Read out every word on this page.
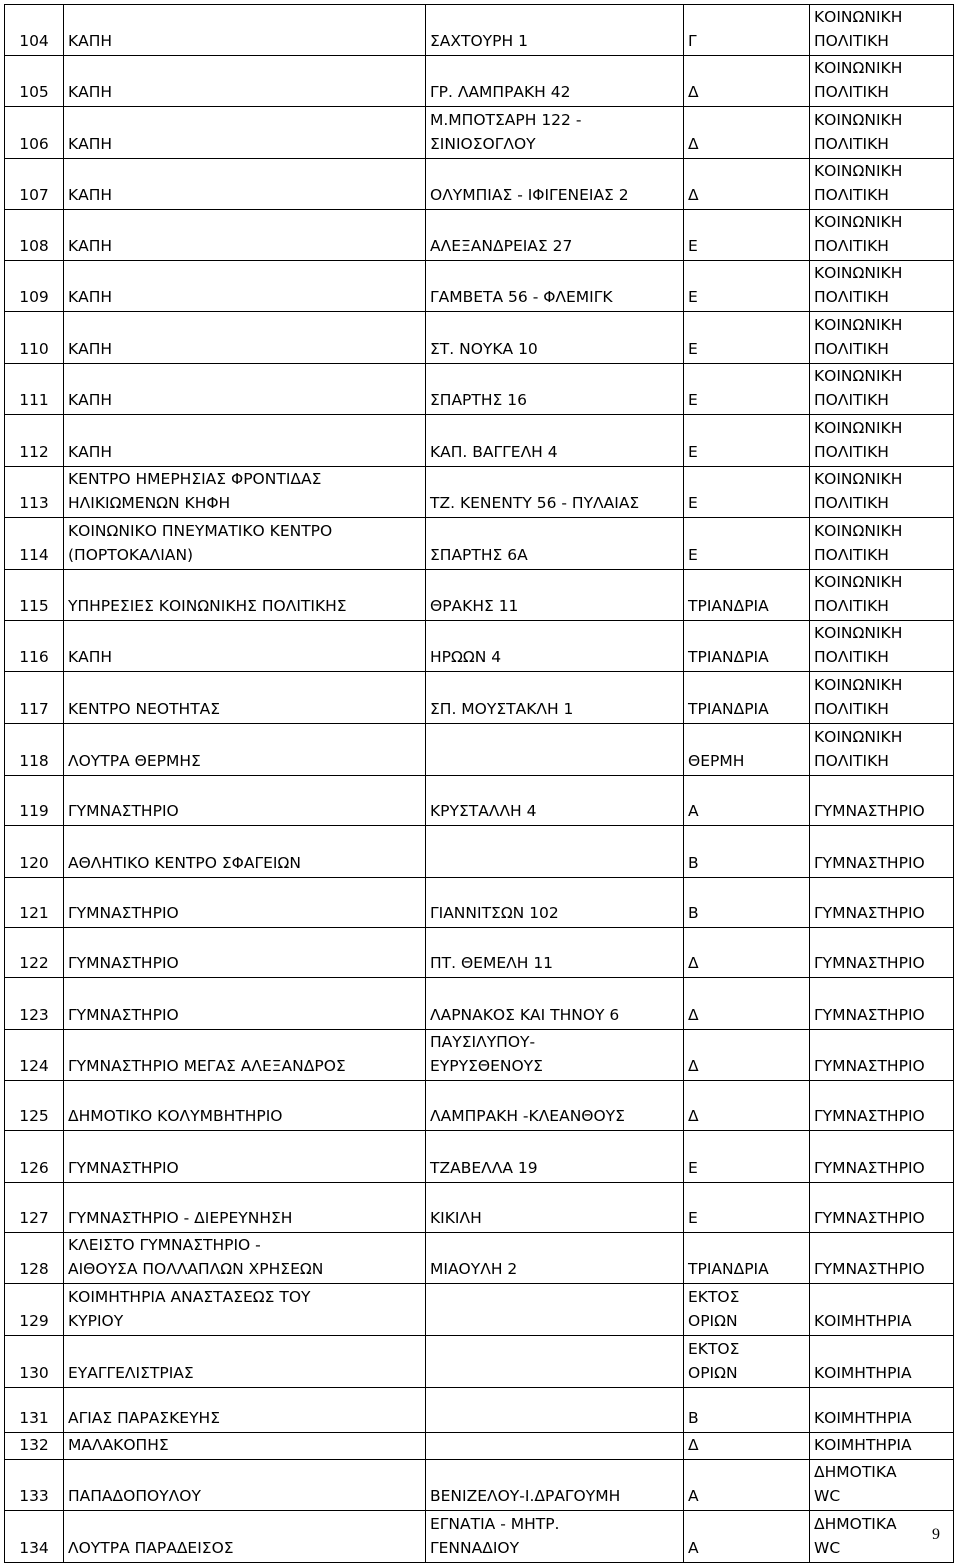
104	ΚΑΠΗ	ΣΑΧΤΟΥΡΗ 1	Γ	ΚΟΙΝΩΝΙΚΗ
ΠΟΛΙΤΙΚΗ

105	ΚΑΠΗ	ΓΡ. ΛΑΜΠΡΑΚΗ 42	Δ	ΚΟΙΝΩΝΙΚΗ
ΠΟΛΙΤΙΚΗ

106	ΚΑΠΗ	Μ.ΜΠΟΤΣΑΡΗ 122 -
ΣΙΝΙΟΣΟΓΛΟΥ	Δ	ΚΟΙΝΩΝΙΚΗ
ΠΟΛΙΤΙΚΗ

107	ΚΑΠΗ	ΟΛΥΜΠΙΑΣ - ΙΦΙΓΕΝΕΙΑΣ 2	Δ	ΚΟΙΝΩΝΙΚΗ
ΠΟΛΙΤΙΚΗ

108	ΚΑΠΗ	ΑΛΕΞΑΝΔΡΕΙΑΣ 27	Ε	ΚΟΙΝΩΝΙΚΗ
ΠΟΛΙΤΙΚΗ

109	ΚΑΠΗ	ΓΑΜΒΕΤΑ 56 - ΦΛΕΜΙΓΚ	Ε	ΚΟΙΝΩΝΙΚΗ
ΠΟΛΙΤΙΚΗ

110	ΚΑΠΗ	ΣΤ. ΝΟΥΚΑ 10	Ε	ΚΟΙΝΩΝΙΚΗ
ΠΟΛΙΤΙΚΗ

111	ΚΑΠΗ	ΣΠΑΡΤΗΣ 16	Ε	ΚΟΙΝΩΝΙΚΗ
ΠΟΛΙΤΙΚΗ

112	ΚΑΠΗ	ΚΑΠ. ΒΑΓΓΕΛΗ 4	Ε	ΚΟΙΝΩΝΙΚΗ
ΠΟΛΙΤΙΚΗ

113	ΚΕΝΤΡΟ ΗΜΕΡΗΣΙΑΣ ΦΡΟΝΤΙΔΑΣ
ΗΛΙΚΙΩΜΕΝΩΝ ΚΗΦΗ	ΤΖ. ΚΕΝΕΝΤΥ 56 - ΠΥΛΑΙΑΣ	Ε	ΚΟΙΝΩΝΙΚΗ
ΠΟΛΙΤΙΚΗ

114	ΚΟΙΝΩΝΙΚΟ ΠΝΕΥΜΑΤΙΚΟ ΚΕΝΤΡΟ
(ΠΟΡΤΟΚΑΛΙΑΝ)	ΣΠΑΡΤΗΣ 6Α	Ε	ΚΟΙΝΩΝΙΚΗ
ΠΟΛΙΤΙΚΗ

115	ΥΠΗΡΕΣΙΕΣ ΚΟΙΝΩΝΙΚΗΣ ΠΟΛΙΤΙΚΗΣ	ΘΡΑΚΗΣ 11	ΤΡΙΑΝΔΡΙΑ	ΚΟΙΝΩΝΙΚΗ
ΠΟΛΙΤΙΚΗ

116	ΚΑΠΗ	ΗΡΩΩΝ 4	ΤΡΙΑΝΔΡΙΑ	ΚΟΙΝΩΝΙΚΗ
ΠΟΛΙΤΙΚΗ

117	ΚΕΝΤΡΟ ΝΕΟΤΗΤΑΣ	ΣΠ. ΜΟΥΣΤΑΚΛΗ 1	ΤΡΙΑΝΔΡΙΑ	ΚΟΙΝΩΝΙΚΗ
ΠΟΛΙΤΙΚΗ

118	ΛΟΥΤΡΑ ΘΕΡΜΗΣ		ΘΕΡΜΗ	ΚΟΙΝΩΝΙΚΗ
ΠΟΛΙΤΙΚΗ

119	ΓΥΜΝΑΣΤΗΡΙΟ	ΚΡΥΣΤΑΛΛΗ 4	Α	ΓΥΜΝΑΣΤΗΡΙΟ

120	ΑΘΛΗΤΙΚΟ ΚΕΝΤΡΟ ΣΦΑΓΕΙΩΝ		Β	ΓΥΜΝΑΣΤΗΡΙΟ

121	ΓΥΜΝΑΣΤΗΡΙΟ	ΓΙΑΝΝΙΤΣΩΝ 102	Β	ΓΥΜΝΑΣΤΗΡΙΟ

122	ΓΥΜΝΑΣΤΗΡΙΟ	ΠΤ. ΘΕΜΕΛΗ 11	Δ	ΓΥΜΝΑΣΤΗΡΙΟ

123	ΓΥΜΝΑΣΤΗΡΙΟ	ΛΑΡΝΑΚΟΣ ΚΑΙ ΤΗΝΟΥ 6	Δ	ΓΥΜΝΑΣΤΗΡΙΟ

124	ΓΥΜΝΑΣΤΗΡΙΟ ΜΕΓΑΣ ΑΛΕΞΑΝΔΡΟΣ	ΠΑΥΣΙΛΥΠΟΥ-
ΕΥΡΥΣΘΕΝΟΥΣ	Δ	ΓΥΜΝΑΣΤΗΡΙΟ

125	ΔΗΜΟΤΙΚΟ ΚΟΛΥΜΒΗΤΗΡΙΟ	ΛΑΜΠΡΑΚΗ -ΚΛΕΑΝΘΟΥΣ	Δ	ΓΥΜΝΑΣΤΗΡΙΟ

126	ΓΥΜΝΑΣΤΗΡΙΟ	ΤΖΑΒΕΛΛΑ 19	Ε	ΓΥΜΝΑΣΤΗΡΙΟ

127	ΓΥΜΝΑΣΤΗΡΙΟ - ΔΙΕΡΕΥΝΗΣΗ	ΚΙΚΙΛΗ	Ε	ΓΥΜΝΑΣΤΗΡΙΟ

128	ΚΛΕΙΣΤΟ ΓΥΜΝΑΣΤΗΡΙΟ -
ΑΙΘΟΥΣΑ ΠΟΛΛΑΠΛΩΝ ΧΡΗΣΕΩΝ	ΜΙΑΟΥΛΗ 2	ΤΡΙΑΝΔΡΙΑ	ΓΥΜΝΑΣΤΗΡΙΟ

129	ΚΟΙΜΗΤΗΡΙΑ ΑΝΑΣΤΑΣΕΩΣ ΤΟΥ
ΚΥΡΙΟΥ		ΕΚΤΟΣ
ΟΡΙΩΝ	ΚΟΙΜΗΤΗΡΙΑ

130	ΕΥΑΓΓΕΛΙΣΤΡΙΑΣ		ΕΚΤΟΣ
ΟΡΙΩΝ	ΚΟΙΜΗΤΗΡΙΑ

131	ΑΓΙΑΣ ΠΑΡΑΣΚΕΥΗΣ		Β	ΚΟΙΜΗΤΗΡΙΑ

132	ΜΑΛΑΚΟΠΗΣ		Δ	ΚΟΙΜΗΤΗΡΙΑ

133	ΠΑΠΑΔΟΠΟΥΛΟΥ	ΒΕΝΙΖΕΛΟΥ-Ι.ΔΡΑΓΟΥΜΗ	Α	ΔΗΜΟΤΙΚΑ
WC

134	ΛΟΥΤΡΑ ΠΑΡΑΔΕΙΣΟΣ	ΕΓΝΑΤΙΑ - ΜΗΤΡ.
ΓΕΝΝΑΔΙΟΥ	Α	ΔΗΜΟΤΙΚΑ
WC
9
